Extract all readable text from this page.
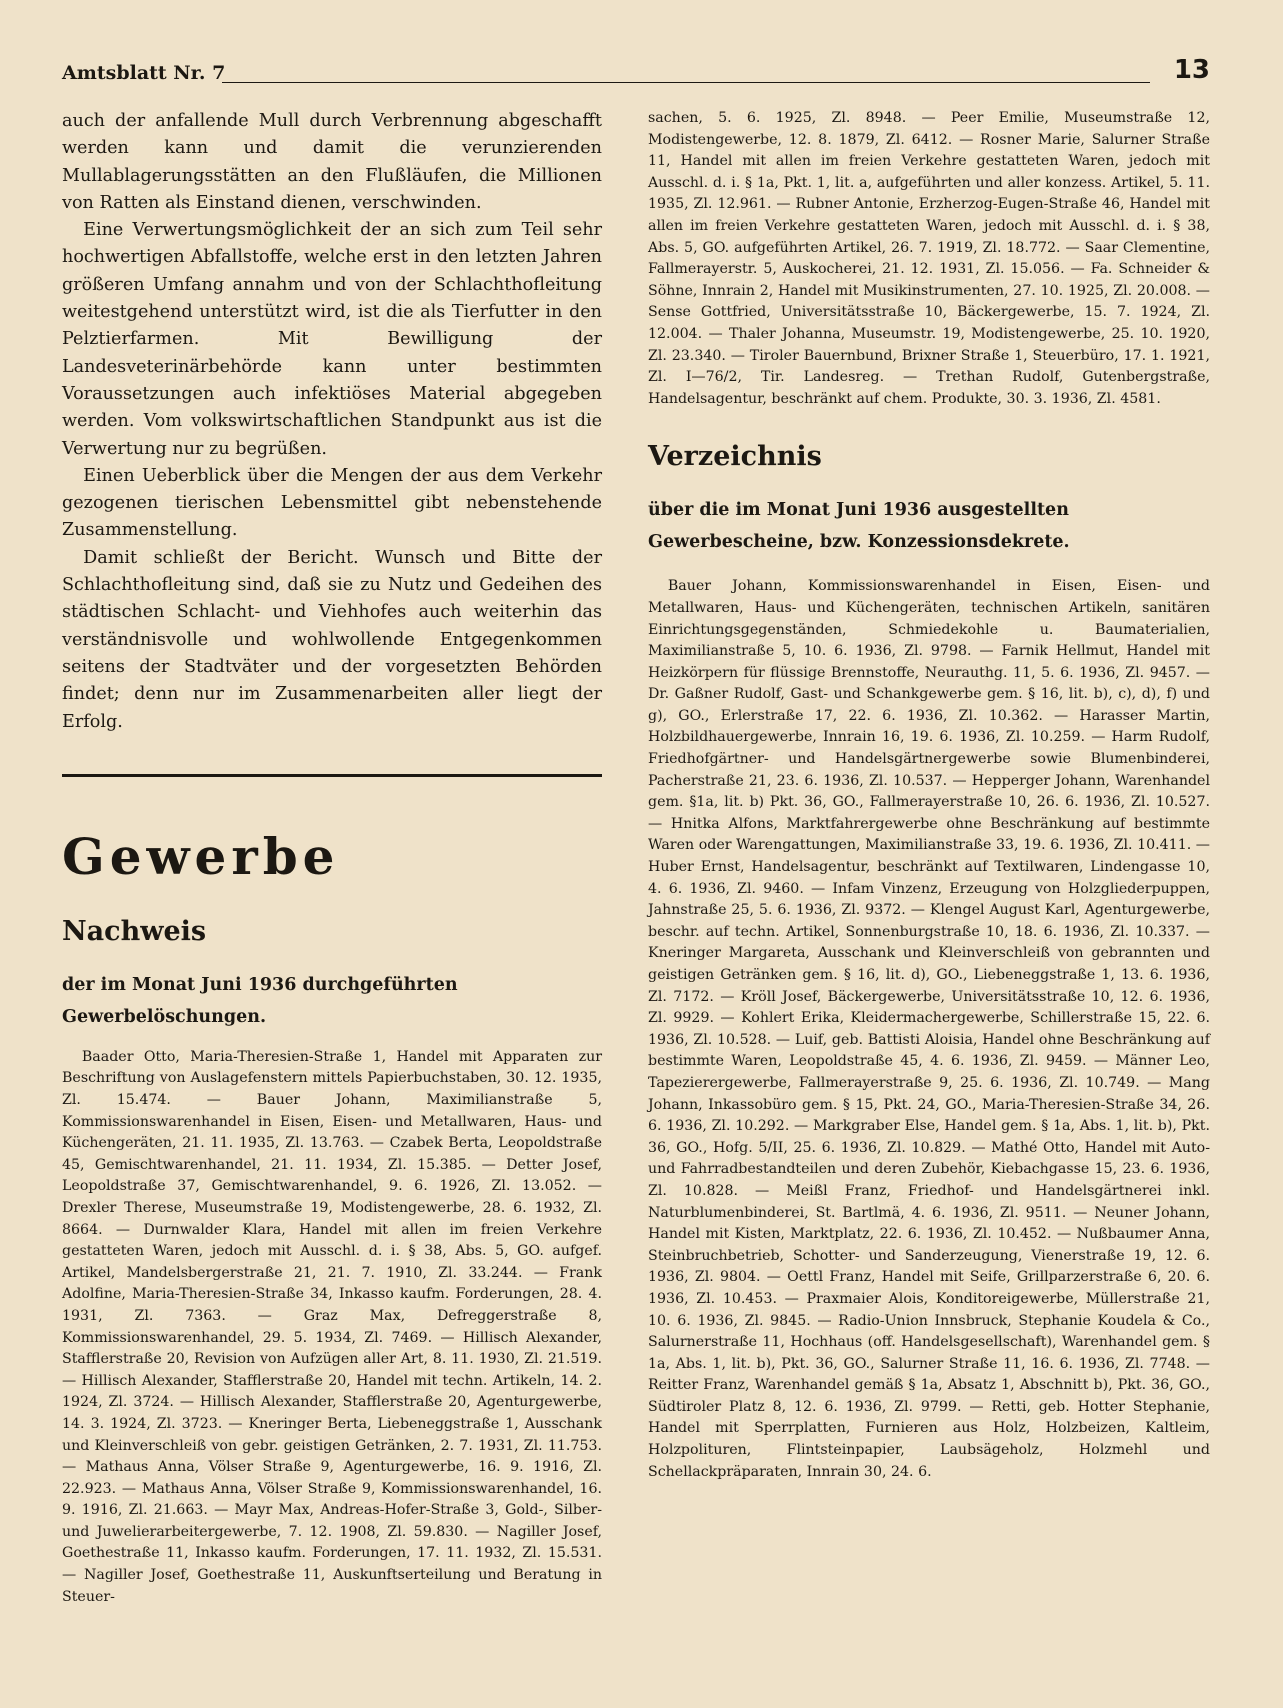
Amtsblatt Nr. 7	13

auch der anfallende Mull durch Verbrennung abgeschafft werden kann und damit die verunzierenden Mullablagerungsstätten an den Flußläufen, die Millionen von Ratten als Einstand dienen, verschwinden.

Eine Verwertungsmöglichkeit der an sich zum Teil sehr hochwertigen Abfallstoffe, welche erst in den letzten Jahren größeren Umfang annahm und von der Schlachthofleitung weitestgehend unterstützt wird, ist die als Tierfutter in den Pelztierfarmen. Mit Bewilligung der Landesveterinärbehörde kann unter bestimmten Voraussetzungen auch infektiöses Material abgegeben werden. Vom volkswirtschaftlichen Standpunkt aus ist die Verwertung nur zu begrüßen.

Einen Ueberblick über die Mengen der aus dem Verkehr gezogenen tierischen Lebensmittel gibt nebenstehende Zusammenstellung.

Damit schließt der Bericht. Wunsch und Bitte der Schlachthofleitung sind, daß sie zu Nutz und Gedeihen des städtischen Schlacht- und Viehhofes auch weiterhin das verständnisvolle und wohlwollende Entgegenkommen seitens der Stadtväter und der vorgesetzten Behörden findet; denn nur im Zusammenarbeiten aller liegt der Erfolg.

Gewerbe
Nachweis
der im Monat Juni 1936 durchgeführten Gewerbelöschungen.

Baader Otto, Maria-Theresien-Straße 1, Handel mit Apparaten zur Beschriftung von Auslagefenstern mittels Papierbuchstaben, 30. 12. 1935, Zl. 15.474. — Bauer Johann, Maximilianstraße 5, Kommissionswarenhandel in Eisen, Eisen- und Metallwaren, Haus- und Küchengeräten, 21. 11. 1935, Zl. 13.763. — Czabek Berta, Leopoldstraße 45, Gemischtwarenhandel, 21. 11. 1934, Zl. 15.385. — Detter Josef, Leopoldstraße 37, Gemischtwarenhandel, 9. 6. 1926, Zl. 13.052. — Drexler Therese, Museumstraße 19, Modistengewerbe, 28. 6. 1932, Zl. 8664. — Durnwalder Klara, Handel mit allen im freien Verkehre gestatteten Waren, jedoch mit Ausschl. d. i. § 38, Abs. 5, GO. aufgef. Artikel, Mandelsbergerstraße 21, 21. 7. 1910, Zl. 33.244. — Frank Adolfine, Maria-Theresien-Straße 34, Inkasso kaufm. Forderungen, 28. 4. 1931, Zl. 7363. — Graz Max, Defreggerstraße 8, Kommissionswarenhandel, 29. 5. 1934, Zl. 7469. — Hillisch Alexander, Stafflerstraße 20, Revision von Aufzügen aller Art, 8. 11. 1930, Zl. 21.519. — Hillisch Alexander, Stafflerstraße 20, Handel mit techn. Artikeln, 14. 2. 1924, Zl. 3724. — Hillisch Alexander, Stafflerstraße 20, Agenturgewerbe, 14. 3. 1924, Zl. 3723. — Kneringer Berta, Liebeneggstraße 1, Ausschank und Kleinverschleiß von gebr. geistigen Getränken, 2. 7. 1931, Zl. 11.753. — Mathaus Anna, Völser Straße 9, Agenturgewerbe, 16. 9. 1916, Zl. 22.923. — Mathaus Anna, Völser Straße 9, Kommissionswarenhandel, 16. 9. 1916, Zl. 21.663. — Mayr Max, Andreas-Hofer-Straße 3, Gold-, Silber- und Juwelierarbeitergewerbe, 7. 12. 1908, Zl. 59.830. — Nagiller Josef, Goethestraße 11, Inkasso kaufm. Forderungen, 17. 11. 1932, Zl. 15.531. — Nagiller Josef, Goethestraße 11, Auskunftserteilung und Beratung in Steuer-

sachen, 5. 6. 1925, Zl. 8948. — Peer Emilie, Museumstraße 12, Modistengewerbe, 12. 8. 1879, Zl. 6412. — Rosner Marie, Salurner Straße 11, Handel mit allen im freien Verkehre gestatteten Waren, jedoch mit Ausschl. d. i. § 1a, Pkt. 1, lit. a, aufgeführten und aller konzess. Artikel, 5. 11. 1935, Zl. 12.961. — Rubner Antonie, Erzherzog-Eugen-Straße 46, Handel mit allen im freien Verkehre gestatteten Waren, jedoch mit Ausschl. d. i. § 38, Abs. 5, GO. aufgeführten Artikel, 26. 7. 1919, Zl. 18.772. — Saar Clementine, Fallmerayerstr. 5, Auskocherei, 21. 12. 1931, Zl. 15.056. — Fa. Schneider & Söhne, Innrain 2, Handel mit Musikinstrumenten, 27. 10. 1925, Zl. 20.008. — Sense Gottfried, Universitätsstraße 10, Bäckergewerbe, 15. 7. 1924, Zl. 12.004. — Thaler Johanna, Museumstr. 19, Modistengewerbe, 25. 10. 1920, Zl. 23.340. — Tiroler Bauernbund, Brixner Straße 1, Steuerbüro, 17. 1. 1921, Zl. I—76/2, Tir. Landesreg. — Trethan Rudolf, Gutenbergstraße, Handelsagentur, beschränkt auf chem. Produkte, 30. 3. 1936, Zl. 4581.

Verzeichnis
über die im Monat Juni 1936 ausgestellten Gewerbescheine, bzw. Konzessionsdekrete.

Bauer Johann, Kommissionswarenhandel in Eisen, Eisen- und Metallwaren, Haus- und Küchengeräten, technischen Artikeln, sanitären Einrichtungsgegenständen, Schmiedekohle u. Baumaterialien, Maximilianstraße 5, 10. 6. 1936, Zl. 9798. — Farnik Hellmut, Handel mit Heizkörpern für flüssige Brennstoffe, Neurauthg. 11, 5. 6. 1936, Zl. 9457. — Dr. Gaßner Rudolf, Gast- und Schankgewerbe gem. § 16, lit. b), c), d), f) und g), GO., Erlerstraße 17, 22. 6. 1936, Zl. 10.362. — Harasser Martin, Holzbildhauergewerbe, Innrain 16, 19. 6. 1936, Zl. 10.259. — Harm Rudolf, Friedhofgärtner- und Handelsgärtnergewerbe sowie Blumenbinderei, Pacherstraße 21, 23. 6. 1936, Zl. 10.537. — Hepperger Johann, Warenhandel gem. §1a, lit. b) Pkt. 36, GO., Fallmerayerstraße 10, 26. 6. 1936, Zl. 10.527. — Hnitka Alfons, Marktfahrergewerbe ohne Beschränkung auf bestimmte Waren oder Warengattungen, Maximilianstraße 33, 19. 6. 1936, Zl. 10.411. — Huber Ernst, Handelsagentur, beschränkt auf Textilwaren, Lindengasse 10, 4. 6. 1936, Zl. 9460. — Infam Vinzenz, Erzeugung von Holzgliederpuppen, Jahnstraße 25, 5. 6. 1936, Zl. 9372. — Klengel August Karl, Agenturgewerbe, beschr. auf techn. Artikel, Sonnenburgstraße 10, 18. 6. 1936, Zl. 10.337. — Kneringer Margareta, Ausschank und Kleinverschleiß von gebrannten und geistigen Getränken gem. § 16, lit. d), GO., Liebeneggstraße 1, 13. 6. 1936, Zl. 7172. — Kröll Josef, Bäckergewerbe, Universitätsstraße 10, 12. 6. 1936, Zl. 9929. — Kohlert Erika, Kleidermachergewerbe, Schillerstraße 15, 22. 6. 1936, Zl. 10.528. — Luif, geb. Battisti Aloisia, Handel ohne Beschränkung auf bestimmte Waren, Leopoldstraße 45, 4. 6. 1936, Zl. 9459. — Männer Leo, Tapezierergewerbe, Fallmerayerstraße 9, 25. 6. 1936, Zl. 10.749. — Mang Johann, Inkassobüro gem. § 15, Pkt. 24, GO., Maria-Theresien-Straße 34, 26. 6. 1936, Zl. 10.292. — Markgraber Else, Handel gem. § 1a, Abs. 1, lit. b), Pkt. 36, GO., Hofg. 5/II, 25. 6. 1936, Zl. 10.829. — Mathé Otto, Handel mit Auto- und Fahrradbestandteilen und deren Zubehör, Kiebachgasse 15, 23. 6. 1936, Zl. 10.828. — Meißl Franz, Friedhof- und Handelsgärtnerei inkl. Naturblumenbinderei, St. Bartlmä, 4. 6. 1936, Zl. 9511. — Neuner Johann, Handel mit Kisten, Marktplatz, 22. 6. 1936, Zl. 10.452. — Nußbaumer Anna, Steinbruchbetrieb, Schotter- und Sanderzeugung, Vienerstraße 19, 12. 6. 1936, Zl. 9804. — Oettl Franz, Handel mit Seife, Grillparzerstraße 6, 20. 6. 1936, Zl. 10.453. — Praxmaier Alois, Konditoreigewerbe, Müllerstraße 21, 10. 6. 1936, Zl. 9845. — Radio-Union Innsbruck, Stephanie Koudela & Co., Salurnerstraße 11, Hochhaus (off. Handelsgesellschaft), Warenhandel gem. § 1a, Abs. 1, lit. b), Pkt. 36, GO., Salurner Straße 11, 16. 6. 1936, Zl. 7748. — Reitter Franz, Warenhandel gemäß § 1a, Absatz 1, Abschnitt b), Pkt. 36, GO., Südtiroler Platz 8, 12. 6. 1936, Zl. 9799. — Retti, geb. Hotter Stephanie, Handel mit Sperrplatten, Furnieren aus Holz, Holzbeizen, Kaltleim, Holzpolituren, Flintsteinpapier, Laubsägeholz, Holzmehl und Schellackpräparaten, Innrain 30, 24. 6.
